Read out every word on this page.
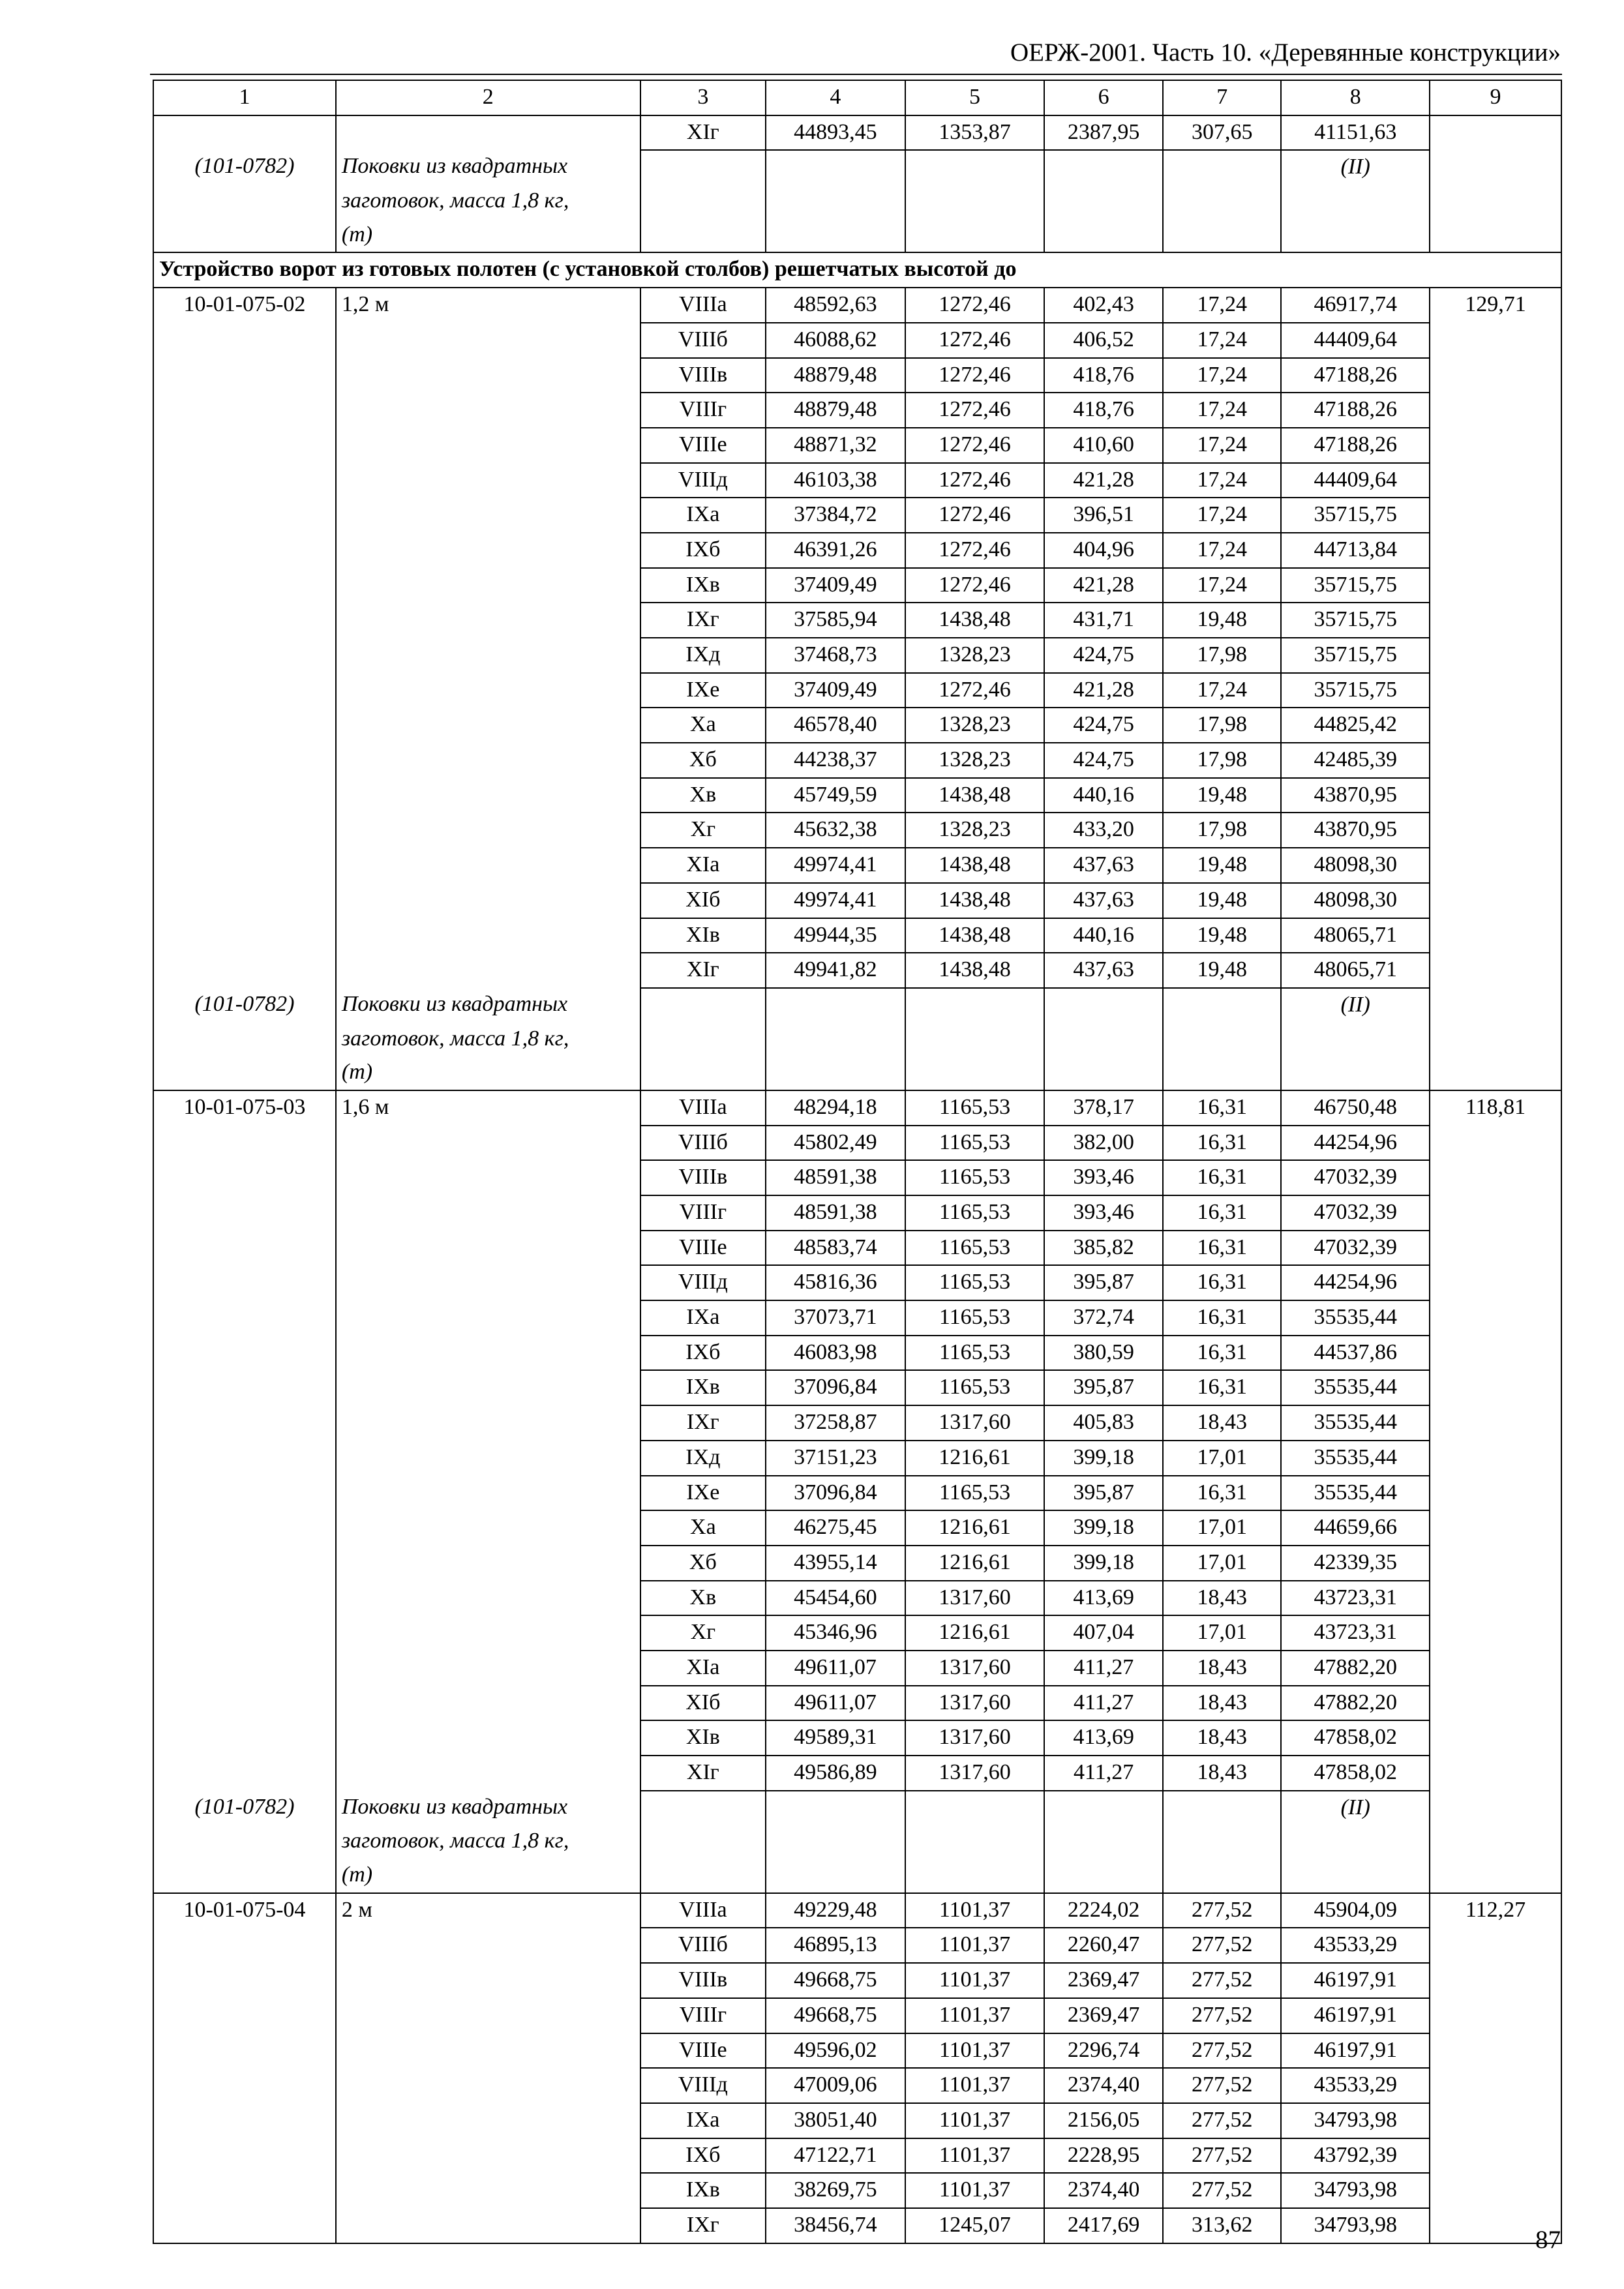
ОЕРЖ-2001. Часть 10. «Деревянные конструкции»
1	2	3	4	5	6	7	8	9
		ХIг	44893,45	1353,87	2387,95	307,65	41151,63	
(101-0782)	Поковки из квадратных						(II)	
	заготовок, масса 1,8 кг,							
	(т)							
Устройство ворот из готовых полотен (с установкой столбов) решетчатых высотой до								
10-01-075-02	1,2 м	VIIIа	48592,63	1272,46	402,43	17,24	46917,74	129,71
		VIIIб	46088,62	1272,46	406,52	17,24	44409,64	
		VIIIв	48879,48	1272,46	418,76	17,24	47188,26	
		VIIIг	48879,48	1272,46	418,76	17,24	47188,26	
		VIIIе	48871,32	1272,46	410,60	17,24	47188,26	
		VIIIд	46103,38	1272,46	421,28	17,24	44409,64	
		IХа	37384,72	1272,46	396,51	17,24	35715,75	
		IХб	46391,26	1272,46	404,96	17,24	44713,84	
		IХв	37409,49	1272,46	421,28	17,24	35715,75	
		IХг	37585,94	1438,48	431,71	19,48	35715,75	
		IХд	37468,73	1328,23	424,75	17,98	35715,75	
		IХе	37409,49	1272,46	421,28	17,24	35715,75	
		Ха	46578,40	1328,23	424,75	17,98	44825,42	
		Хб	44238,37	1328,23	424,75	17,98	42485,39	
		Хв	45749,59	1438,48	440,16	19,48	43870,95	
		Хг	45632,38	1328,23	433,20	17,98	43870,95	
		ХIа	49974,41	1438,48	437,63	19,48	48098,30	
		ХIб	49974,41	1438,48	437,63	19,48	48098,30	
		ХIв	49944,35	1438,48	440,16	19,48	48065,71	
		ХIг	49941,82	1438,48	437,63	19,48	48065,71	
(101-0782)	Поковки из квадратных						(II)	
	заготовок, масса 1,8 кг,							
	(т)							
10-01-075-03	1,6 м	VIIIа	48294,18	1165,53	378,17	16,31	46750,48	118,81
		VIIIб	45802,49	1165,53	382,00	16,31	44254,96	
		VIIIв	48591,38	1165,53	393,46	16,31	47032,39	
		VIIIг	48591,38	1165,53	393,46	16,31	47032,39	
		VIIIе	48583,74	1165,53	385,82	16,31	47032,39	
		VIIIд	45816,36	1165,53	395,87	16,31	44254,96	
		IХа	37073,71	1165,53	372,74	16,31	35535,44	
		IХб	46083,98	1165,53	380,59	16,31	44537,86	
		IХв	37096,84	1165,53	395,87	16,31	35535,44	
		IХг	37258,87	1317,60	405,83	18,43	35535,44	
		IХд	37151,23	1216,61	399,18	17,01	35535,44	
		IХе	37096,84	1165,53	395,87	16,31	35535,44	
		Ха	46275,45	1216,61	399,18	17,01	44659,66	
		Хб	43955,14	1216,61	399,18	17,01	42339,35	
		Хв	45454,60	1317,60	413,69	18,43	43723,31	
		Хг	45346,96	1216,61	407,04	17,01	43723,31	
		ХIа	49611,07	1317,60	411,27	18,43	47882,20	
		ХIб	49611,07	1317,60	411,27	18,43	47882,20	
		ХIв	49589,31	1317,60	413,69	18,43	47858,02	
		ХIг	49586,89	1317,60	411,27	18,43	47858,02	
(101-0782)	Поковки из квадратных						(II)	
	заготовок, масса 1,8 кг,							
	(т)							
10-01-075-04	2 м	VIIIа	49229,48	1101,37	2224,02	277,52	45904,09	112,27
		VIIIб	46895,13	1101,37	2260,47	277,52	43533,29	
		VIIIв	49668,75	1101,37	2369,47	277,52	46197,91	
		VIIIг	49668,75	1101,37	2369,47	277,52	46197,91	
		VIIIе	49596,02	1101,37	2296,74	277,52	46197,91	
		VIIIд	47009,06	1101,37	2374,40	277,52	43533,29	
		IХа	38051,40	1101,37	2156,05	277,52	34793,98	
		IХб	47122,71	1101,37	2228,95	277,52	43792,39	
		IХв	38269,75	1101,37	2374,40	277,52	34793,98	
		IХг	38456,74	1245,07	2417,69	313,62	34793,98	
87
